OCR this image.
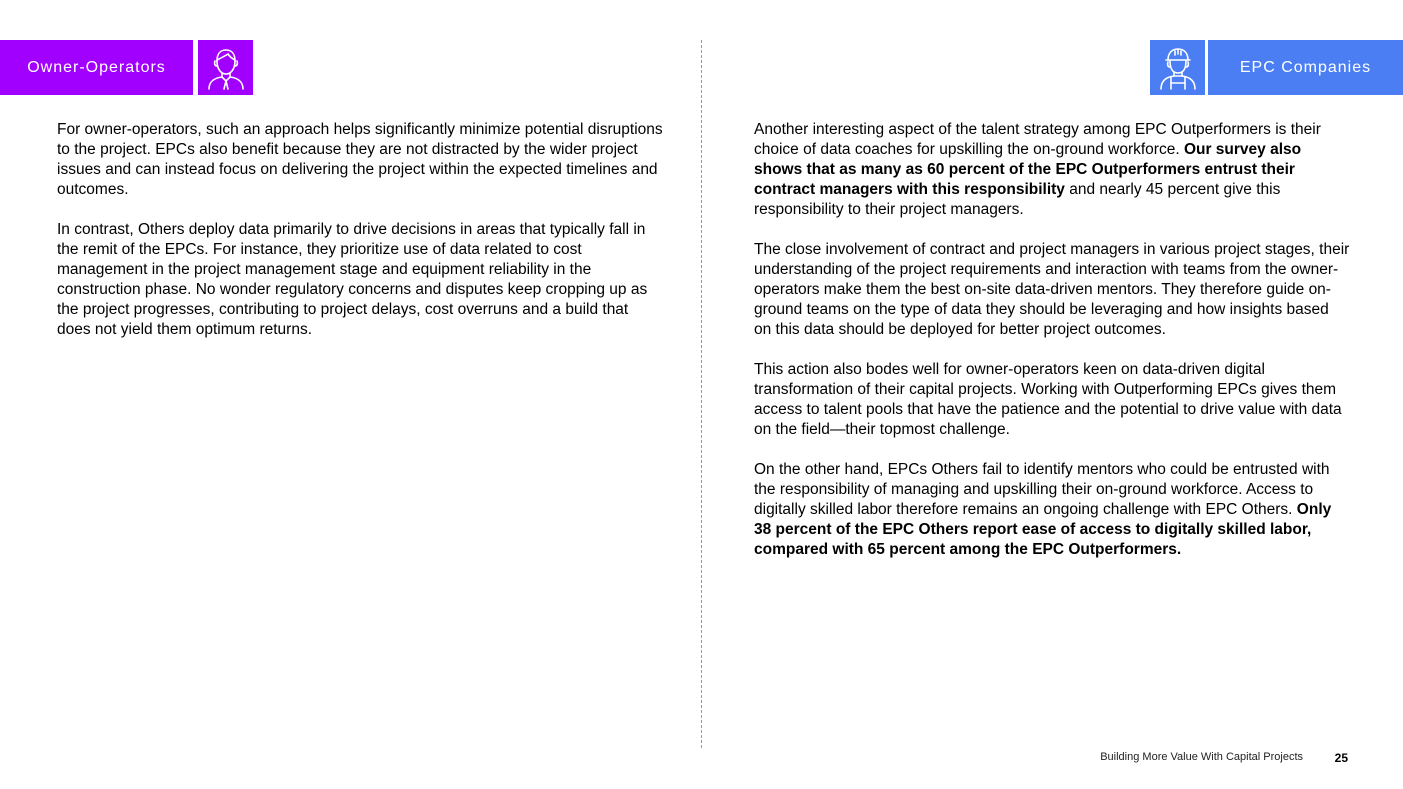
Owner-Operators	EPC Companies

For owner-operators, such an approach helps significantly minimize potential disruptions to the project. EPCs also benefit because they are not distracted by the wider project issues and can instead focus on delivering the project within the expected timelines and outcomes.

In contrast, Others deploy data primarily to drive decisions in areas that typically fall in the remit of the EPCs. For instance, they prioritize use of data related to cost management in the project management stage and equipment reliability in the construction phase. No wonder regulatory concerns and disputes keep cropping up as the project progresses, contributing to project delays, cost overruns and a build that does not yield them optimum returns.

Another interesting aspect of the talent strategy among EPC Outperformers is their choice of data coaches for upskilling the on-ground workforce. Our survey also shows that as many as 60 percent of the EPC Outperformers entrust their contract managers with this responsibility and nearly 45 percent give this responsibility to their project managers.

The close involvement of contract and project managers in various project stages, their understanding of the project requirements and interaction with teams from the owner-operators make them the best on-site data-driven mentors. They therefore guide on-ground teams on the type of data they should be leveraging and how insights based on this data should be deployed for better project outcomes.

This action also bodes well for owner-operators keen on data-driven digital transformation of their capital projects. Working with Outperforming EPCs gives them access to talent pools that have the patience and the potential to drive value with data on the field—their topmost challenge.

On the other hand, EPCs Others fail to identify mentors who could be entrusted with the responsibility of managing and upskilling their on-ground workforce. Access to digitally skilled labor therefore remains an ongoing challenge with EPC Others. Only 38 percent of the EPC Others report ease of access to digitally skilled labor, compared with 65 percent among the EPC Outperformers.

Building More Value With Capital Projects	25
